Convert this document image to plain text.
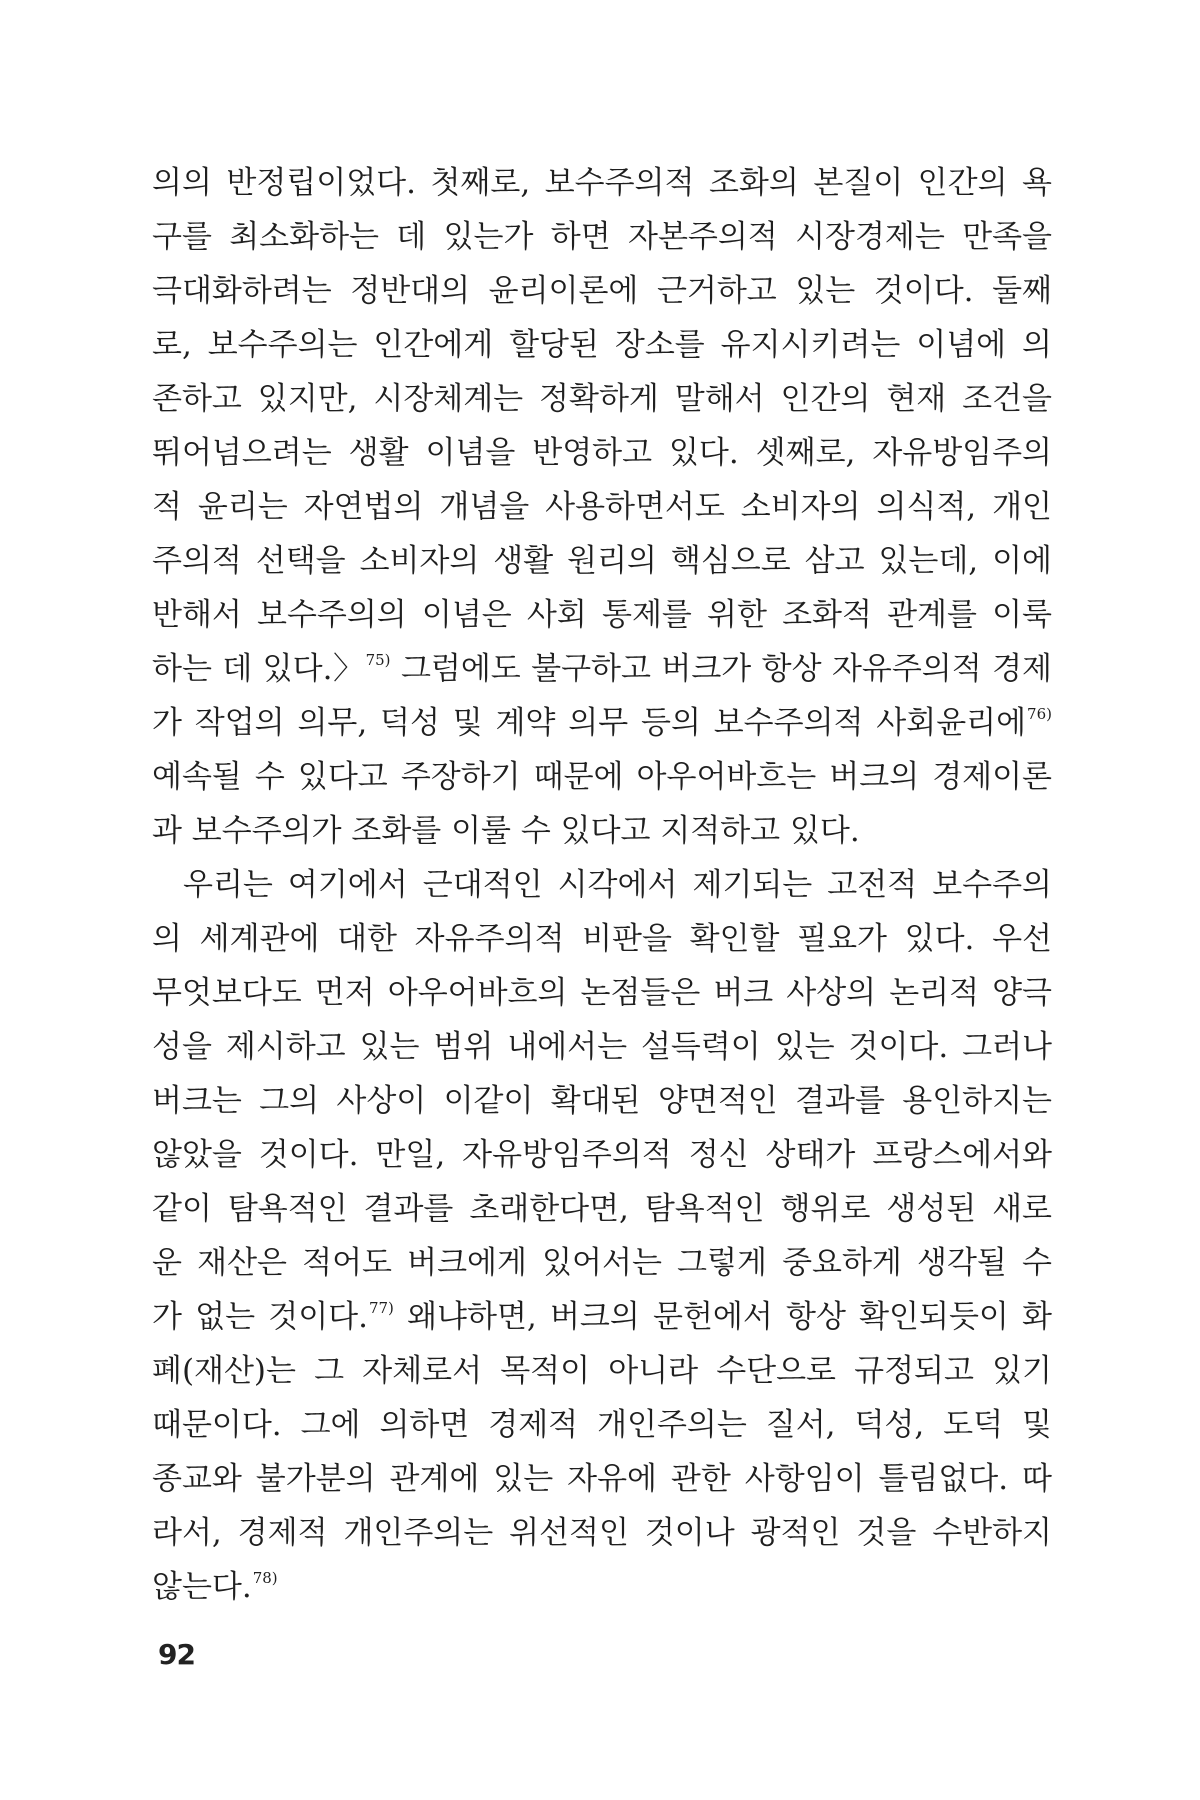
의의 반정립이었다. 첫째로, 보수주의적 조화의 본질이 인간의 욕
구를 최소화하는 데 있는가 하면 자본주의적 시장경제는 만족을
극대화하려는 정반대의 윤리이론에 근거하고 있는 것이다. 둘째
로, 보수주의는 인간에게 할당된 장소를 유지시키려는 이념에 의
존하고 있지만, 시장체계는 정확하게 말해서 인간의 현재 조건을
뛰어넘으려는 생활 이념을 반영하고 있다. 셋째로, 자유방임주의
적 윤리는 자연법의 개념을 사용하면서도 소비자의 의식적, 개인
주의적 선택을 소비자의 생활 원리의 핵심으로 삼고 있는데, 이에
반해서 보수주의의 이념은 사회 통제를 위한 조화적 관계를 이룩
하는 데 있다.〉$^{75)}$ 그럼에도 불구하고 버크가 항상 자유주의적 경제
가 작업의 의무, 덕성 및 계약 의무 등의 보수주의적 사회윤리에$^{76)}$
예속될 수 있다고 주장하기 때문에 아우어바흐는 버크의 경제이론
과 보수주의가 조화를 이룰 수 있다고 지적하고 있다.
우리는 여기에서 근대적인 시각에서 제기되는 고전적 보수주의
의 세계관에 대한 자유주의적 비판을 확인할 필요가 있다. 우선
무엇보다도 먼저 아우어바흐의 논점들은 버크 사상의 논리적 양극
성을 제시하고 있는 범위 내에서는 설득력이 있는 것이다. 그러나
버크는 그의 사상이 이같이 확대된 양면적인 결과를 용인하지는
않았을 것이다. 만일, 자유방임주의적 정신 상태가 프랑스에서와
같이 탐욕적인 결과를 초래한다면, 탐욕적인 행위로 생성된 새로
운 재산은 적어도 버크에게 있어서는 그렇게 중요하게 생각될 수
가 없는 것이다.$^{77)}$ 왜냐하면, 버크의 문헌에서 항상 확인되듯이 화
폐(재산)는 그 자체로서 목적이 아니라 수단으로 규정되고 있기
때문이다. 그에 의하면 경제적 개인주의는 질서, 덕성, 도덕 및
종교와 불가분의 관계에 있는 자유에 관한 사항임이 틀림없다. 따
라서, 경제적 개인주의는 위선적인 것이나 광적인 것을 수반하지
않는다.$^{78)}$
92
